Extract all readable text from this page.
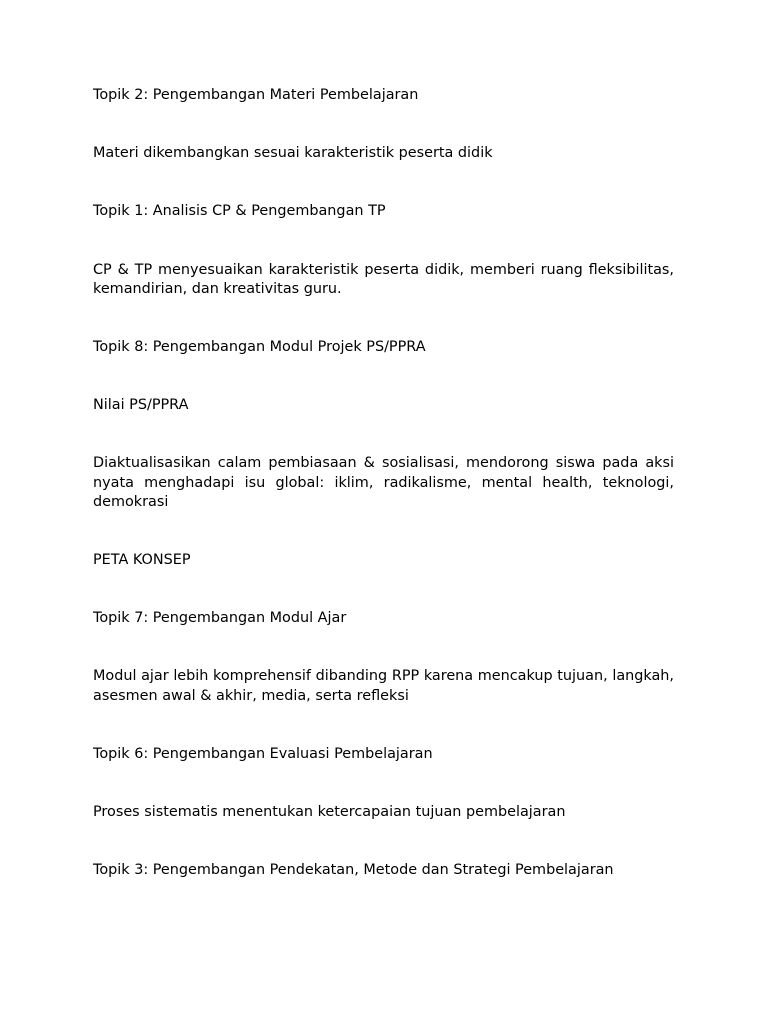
Topik 2: Pengembangan Materi Pembelajaran

Materi dikembangkan sesuai karakteristik peserta didik

Topik 1: Analisis CP & Pengembangan TP

CP & TP menyesuaikan karakteristik peserta didik, memberi ruang fleksibilitas, kemandirian, dan kreativitas guru.

Topik 8: Pengembangan Modul Projek PS/PPRA

Nilai PS/PPRA

Diaktualisasikan calam pembiasaan & sosialisasi, mendorong siswa pada aksi nyata menghadapi isu global: iklim, radikalisme, mental health, teknologi, demokrasi

PETA KONSEP

Topik 7: Pengembangan Modul Ajar

Modul ajar lebih komprehensif dibanding RPP karena mencakup tujuan, langkah, asesmen awal & akhir, media, serta refleksi

Topik 6: Pengembangan Evaluasi Pembelajaran

Proses sistematis menentukan ketercapaian tujuan pembelajaran

Topik 3: Pengembangan Pendekatan, Metode dan Strategi Pembelajaran
